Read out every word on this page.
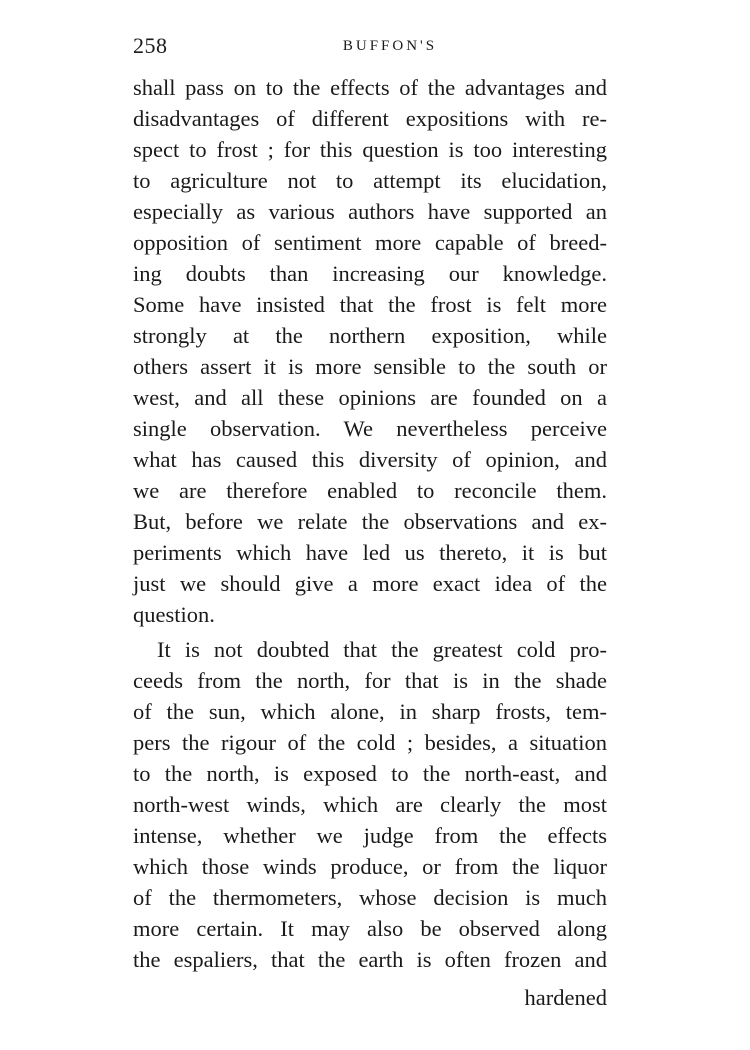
258	BUFFON'S
shall pass on to the effects of the advantages and
disadvantages of different expositions with re-
spect to frost ; for this question is too interesting
to agriculture not to attempt its elucidation,
especially as various authors have supported an
opposition of sentiment more capable of breed-
ing doubts than increasing our knowledge.
Some have insisted that the frost is felt more
strongly at the northern exposition, while
others assert it is more sensible to the south or
west, and all these opinions are founded on a
single observation. We nevertheless perceive
what has caused this diversity of opinion, and
we are therefore enabled to reconcile them.
But, before we relate the observations and ex-
periments which have led us thereto, it is but
just we should give a more exact idea of the
question.
It is not doubted that the greatest cold pro-
ceeds from the north, for that is in the shade
of the sun, which alone, in sharp frosts, tem-
pers the rigour of the cold ; besides, a situation
to the north, is exposed to the north-east, and
north-west winds, which are clearly the most
intense, whether we judge from the effects
which those winds produce, or from the liquor
of the thermometers, whose decision is much
more certain. It may also be observed along
the espaliers, that the earth is often frozen and
hardened
